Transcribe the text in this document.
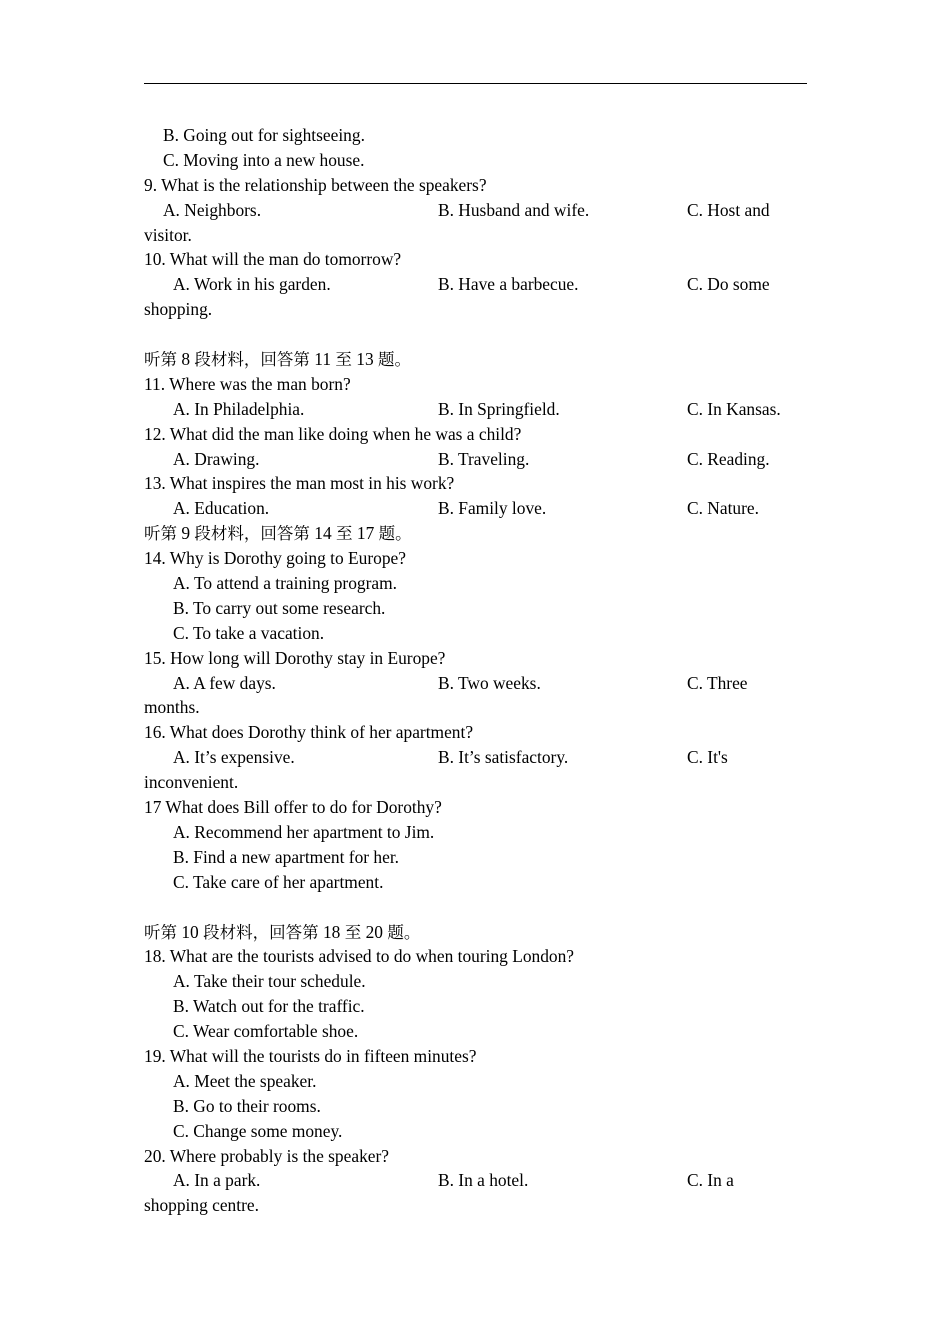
B. Going out for sightseeing.
C. Moving into a new house.
9. What is the relationship between the speakers?
A. Neighbors.	B. Husband and wife.	C. Host and
visitor.
10. What will the man do tomorrow?
A. Work in his garden.	B. Have a barbecue.	C. Do some
shopping.
听第 8 段材料，回答第 11 至 13 题。
11. Where was the man born?
A. In Philadelphia.	B. In Springfield.	C. In Kansas.
12. What did the man like doing when he was a child?
A. Drawing.	B. Traveling.	C. Reading.
13. What inspires the man most in his work?
A. Education.	B. Family love.	C. Nature.
听第 9 段材料，回答第 14 至 17 题。
14. Why is Dorothy going to Europe?
A. To attend a training program.
B. To carry out some research.
C. To take a vacation.
15. How long will Dorothy stay in Europe?
A. A few days.	B. Two weeks.	C. Three
months.
16. What does Dorothy think of her apartment?
A. It’s expensive.	B. It’s satisfactory.	C. It's
inconvenient.
17 What does Bill offer to do for Dorothy?
A. Recommend her apartment to Jim.
B. Find a new apartment for her.
C. Take care of her apartment.
听第 10 段材料，回答第 18 至 20 题。
18. What are the tourists advised to do when touring London?
A. Take their tour schedule.
B. Watch out for the traffic.
C. Wear comfortable shoe.
19. What will the tourists do in fifteen minutes?
A. Meet the speaker.
B. Go to their rooms.
C. Change some money.
20. Where probably is the speaker?
A. In a park.	B. In a hotel.	C. In a
shopping centre.
